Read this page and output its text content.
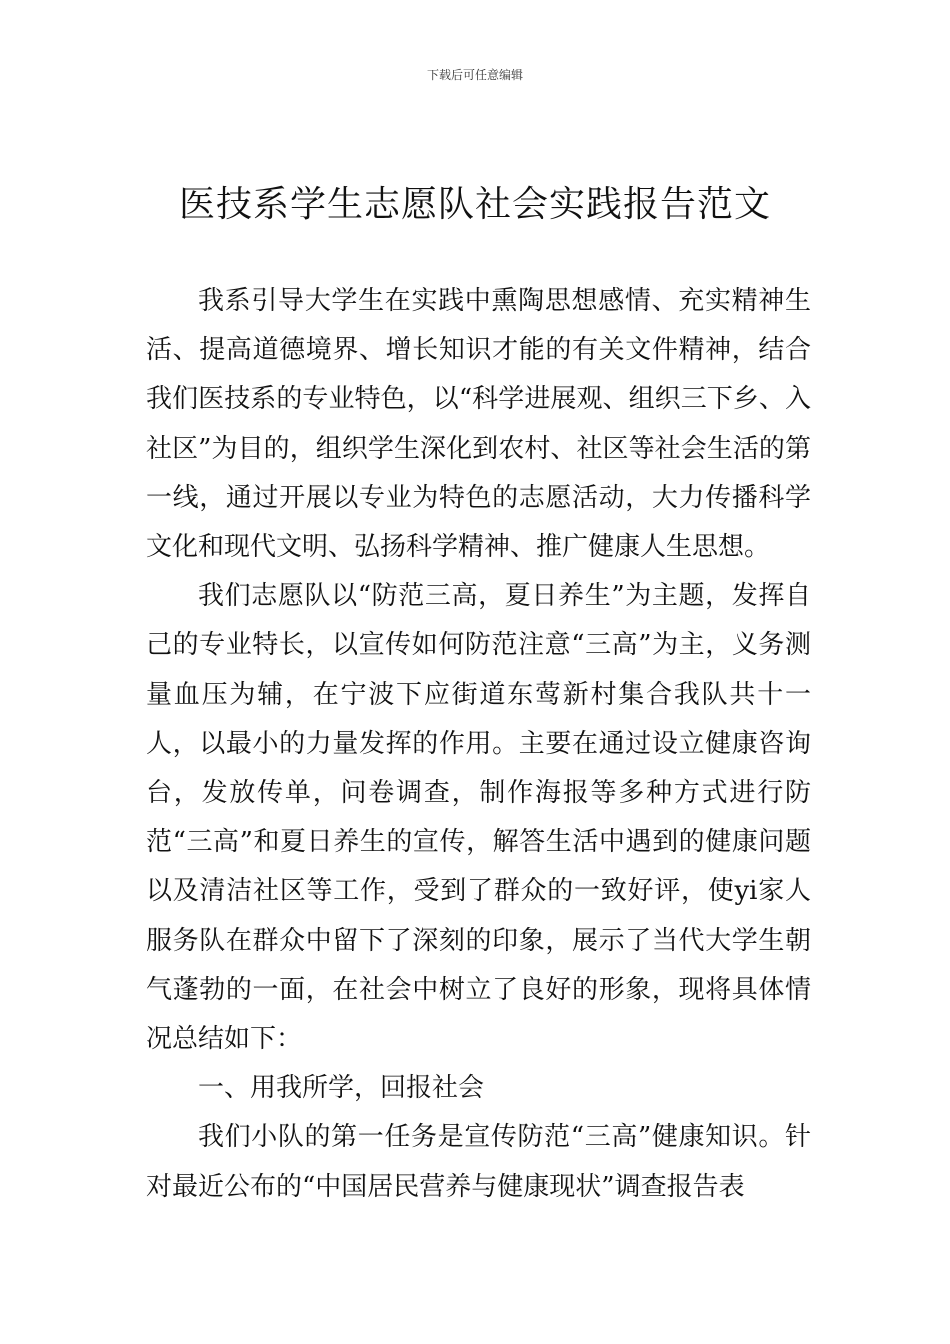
下载后可任意编辑
医技系学生志愿队社会实践报告范文

我系引导大学生在实践中熏陶思想感情、充实精神生活、提高道德境界、增长知识才能的有关文件精神，结合我们医技系的专业特色，以“科学进展观、组织三下乡、入社区”为目的，组织学生深化到农村、社区等社会生活的第一线，通过开展以专业为特色的志愿活动，大力传播科学文化和现代文明、弘扬科学精神、推广健康人生思想。

我们志愿队以“防范三高，夏日养生”为主题，发挥自己的专业特长，以宣传如何防范注意“三高”为主，义务测量血压为辅，在宁波下应街道东莺新村集合我队共十一人，以最小的力量发挥的作用。主要在通过设立健康咨询台，发放传单，问卷调查，制作海报等多种方式进行防范“三高”和夏日养生的宣传，解答生活中遇到的健康问题以及清洁社区等工作，受到了群众的一致好评，使yi家人服务队在群众中留下了深刻的印象，展示了当代大学生朝气蓬勃的一面，在社会中树立了良好的形象，现将具体情况总结如下：

一、用我所学，回报社会

我们小队的第一任务是宣传防范“三高”健康知识。针对最近公布的“中国居民营养与健康现状”调查报告表
